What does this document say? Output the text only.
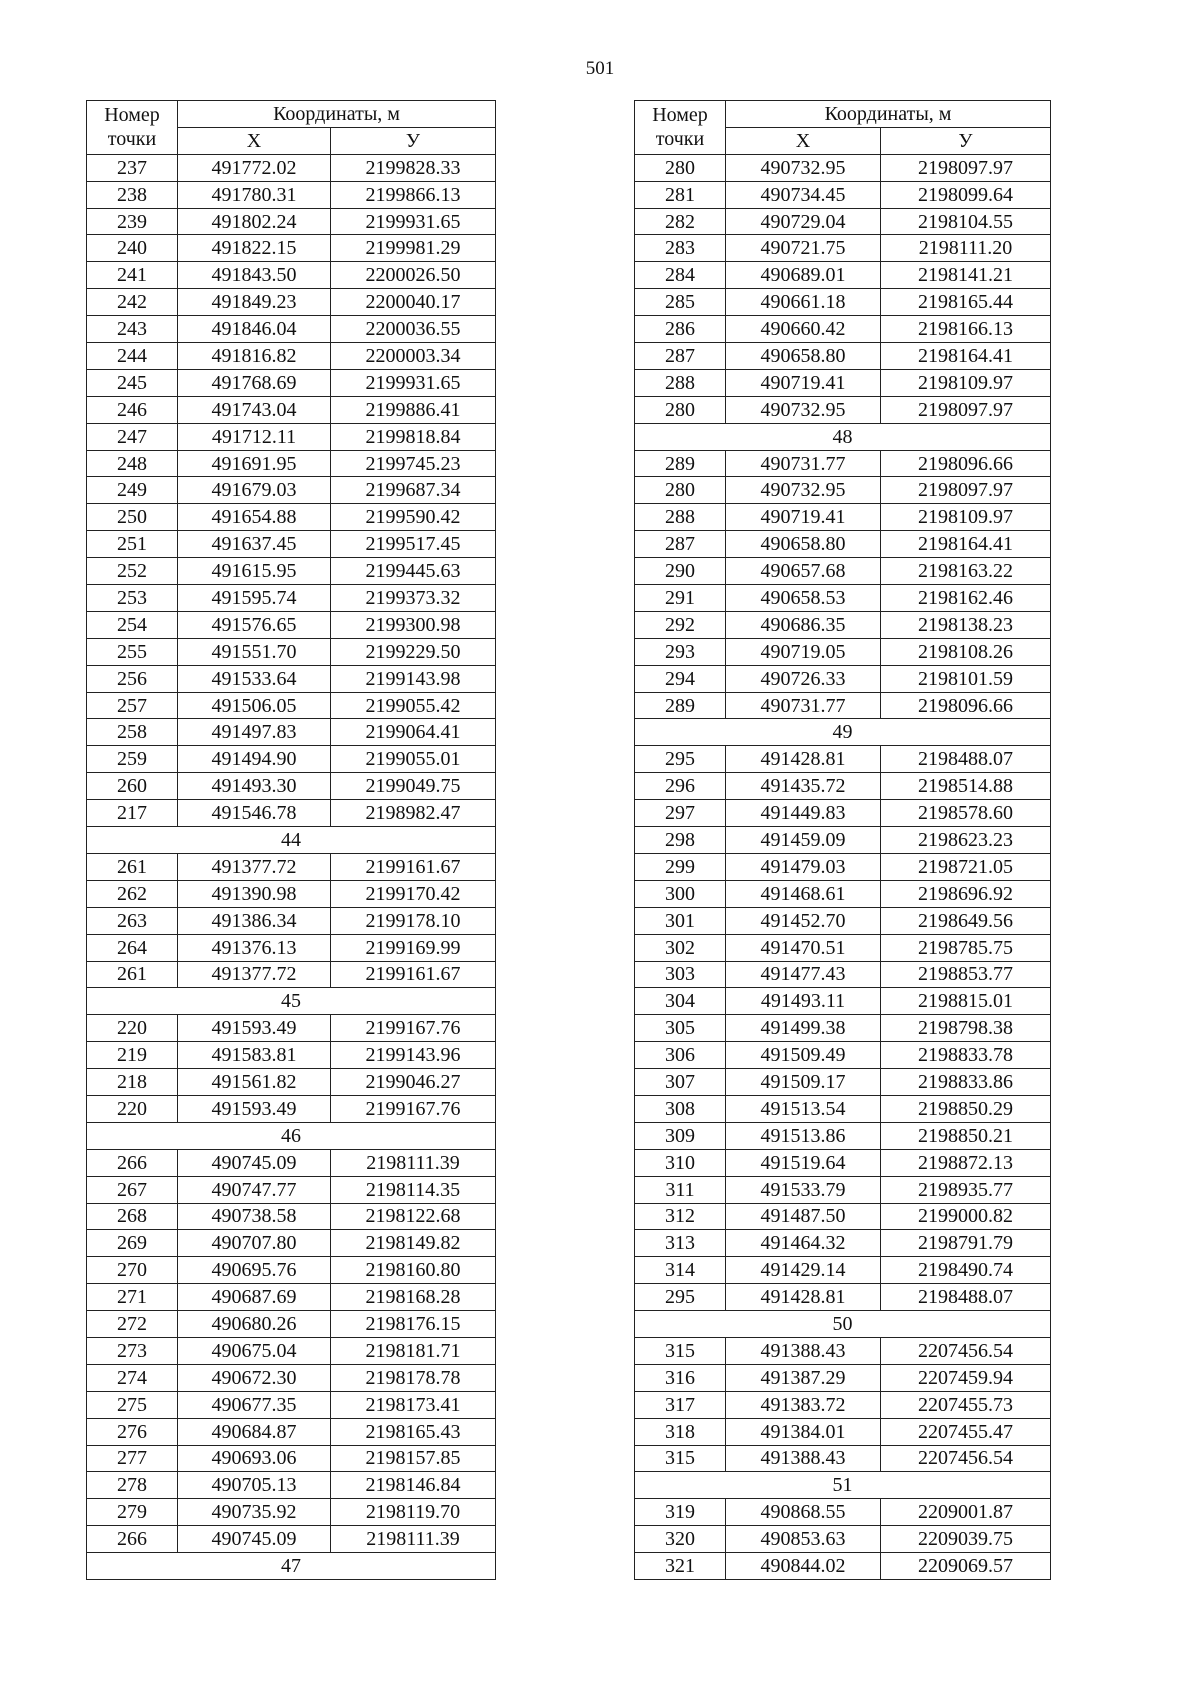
501
Номер
точки	Координаты, м	
	X	У
237	491772.02	2199828.33
238	491780.31	2199866.13
239	491802.24	2199931.65
240	491822.15	2199981.29
241	491843.50	2200026.50
242	491849.23	2200040.17
243	491846.04	2200036.55
244	491816.82	2200003.34
245	491768.69	2199931.65
246	491743.04	2199886.41
247	491712.11	2199818.84
248	491691.95	2199745.23
249	491679.03	2199687.34
250	491654.88	2199590.42
251	491637.45	2199517.45
252	491615.95	2199445.63
253	491595.74	2199373.32
254	491576.65	2199300.98
255	491551.70	2199229.50
256	491533.64	2199143.98
257	491506.05	2199055.42
258	491497.83	2199064.41
259	491494.90	2199055.01
260	491493.30	2199049.75
217	491546.78	2198982.47
44		
261	491377.72	2199161.67
262	491390.98	2199170.42
263	491386.34	2199178.10
264	491376.13	2199169.99
261	491377.72	2199161.67
45		
220	491593.49	2199167.76
219	491583.81	2199143.96
218	491561.82	2199046.27
220	491593.49	2199167.76
46		
266	490745.09	2198111.39
267	490747.77	2198114.35
268	490738.58	2198122.68
269	490707.80	2198149.82
270	490695.76	2198160.80
271	490687.69	2198168.28
272	490680.26	2198176.15
273	490675.04	2198181.71
274	490672.30	2198178.78
275	490677.35	2198173.41
276	490684.87	2198165.43
277	490693.06	2198157.85
278	490705.13	2198146.84
279	490735.92	2198119.70
266	490745.09	2198111.39
47		
Номер
точки	Координаты, м	
	X	У
280	490732.95	2198097.97
281	490734.45	2198099.64
282	490729.04	2198104.55
283	490721.75	2198111.20
284	490689.01	2198141.21
285	490661.18	2198165.44
286	490660.42	2198166.13
287	490658.80	2198164.41
288	490719.41	2198109.97
280	490732.95	2198097.97
48		
289	490731.77	2198096.66
280	490732.95	2198097.97
288	490719.41	2198109.97
287	490658.80	2198164.41
290	490657.68	2198163.22
291	490658.53	2198162.46
292	490686.35	2198138.23
293	490719.05	2198108.26
294	490726.33	2198101.59
289	490731.77	2198096.66
49		
295	491428.81	2198488.07
296	491435.72	2198514.88
297	491449.83	2198578.60
298	491459.09	2198623.23
299	491479.03	2198721.05
300	491468.61	2198696.92
301	491452.70	2198649.56
302	491470.51	2198785.75
303	491477.43	2198853.77
304	491493.11	2198815.01
305	491499.38	2198798.38
306	491509.49	2198833.78
307	491509.17	2198833.86
308	491513.54	2198850.29
309	491513.86	2198850.21
310	491519.64	2198872.13
311	491533.79	2198935.77
312	491487.50	2199000.82
313	491464.32	2198791.79
314	491429.14	2198490.74
295	491428.81	2198488.07
50		
315	491388.43	2207456.54
316	491387.29	2207459.94
317	491383.72	2207455.73
318	491384.01	2207455.47
315	491388.43	2207456.54
51		
319	490868.55	2209001.87
320	490853.63	2209039.75
321	490844.02	2209069.57
